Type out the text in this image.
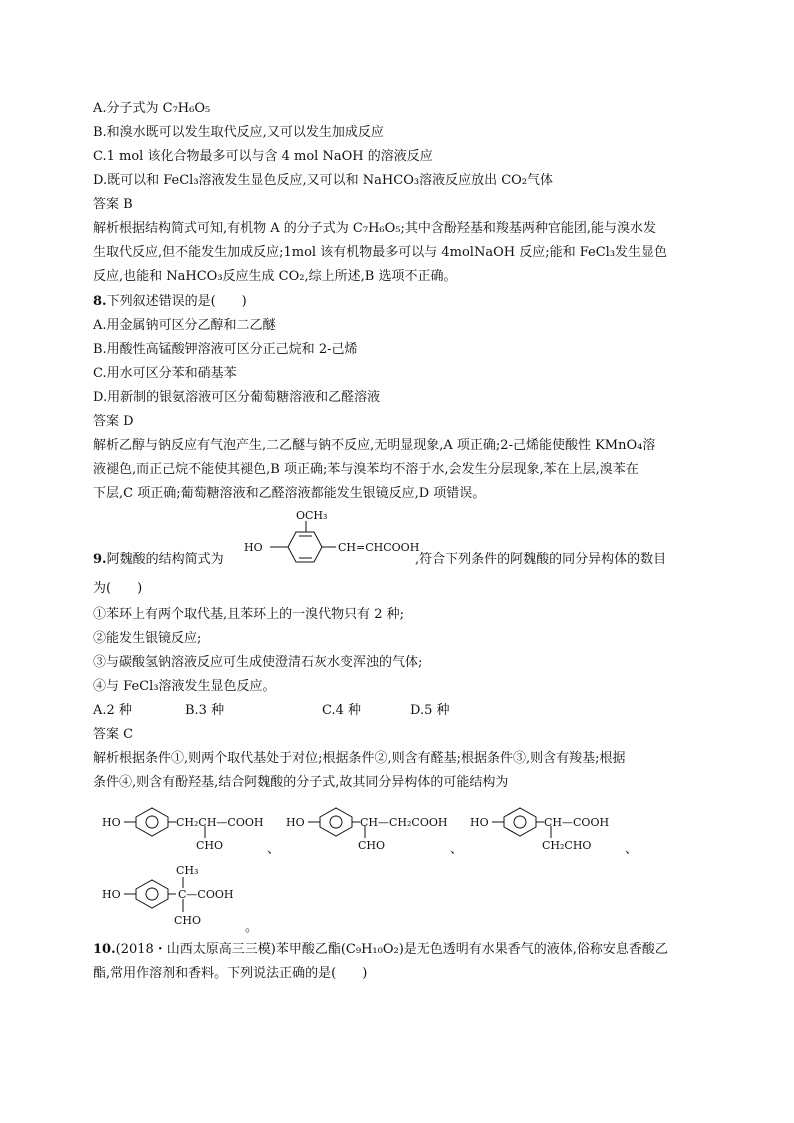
A.分子式为 C₇H₆O₅
B.和溴水既可以发生取代反应,又可以发生加成反应
C.1 mol 该化合物最多可以与含 4 mol NaOH 的溶液反应
D.既可以和 FeCl₃溶液发生显色反应,又可以和 NaHCO₃溶液反应放出 CO₂气体
答案 B
解析根据结构简式可知,有机物 A 的分子式为 C₇H₆O₅;其中含酚羟基和羧基两种官能团,能与溴水发
生取代反应,但不能发生加成反应;1mol 该有机物最多可以与 4molNaOH 反应;能和 FeCl₃发生显色
反应,也能和 NaHCO₃反应生成 CO₂,综上所述,B 选项不正确。
8.下列叙述错误的是(　　)
A.用金属钠可区分乙醇和二乙醚
B.用酸性高锰酸钾溶液可区分正己烷和 2-己烯
C.用水可区分苯和硝基苯
D.用新制的银氨溶液可区分葡萄糖溶液和乙醛溶液
答案 D
解析乙醇与钠反应有气泡产生,二乙醚与钠不反应,无明显现象,A 项正确;2-己烯能使酸性 KMnO₄溶
液褪色,而正己烷不能使其褪色,B 项正确;苯与溴苯均不溶于水,会发生分层现象,苯在上层,溴苯在
下层,C 项正确;葡萄糖溶液和乙醛溶液都能发生银镜反应,D 项错误。
9.阿魏酸的结构简式为
OCH₃
HO	CH=CHCOOH
,符合下列条件的阿魏酸的同分异构体的数目
为(　　)
①苯环上有两个取代基,且苯环上的一溴代物只有 2 种;
②能发生银镜反应;
③与碳酸氢钠溶液反应可生成使澄清石灰水变浑浊的气体;
④与 FeCl₃溶液发生显色反应。
A.2 种	B.3 种	C.4 种	D.5 种
答案 C
解析根据条件①,则两个取代基处于对位;根据条件②,则含有醛基;根据条件③,则含有羧基;根据
条件④,则含有酚羟基,结合阿魏酸的分子式,故其同分异构体的可能结构为
HO	CH₂CH—COOH
CHO	、
HO	CH—CH₂COOH
CHO	、
HO	CH—COOH
CH₂CHO	、
CH₃
HO	C—COOH
CHO	。
10.(2018・山西太原高三三模)苯甲酸乙酯(C₉H₁₀O₂)是无色透明有水果香气的液体,俗称安息香酸乙
酯,常用作溶剂和香料。下列说法正确的是(　　)
